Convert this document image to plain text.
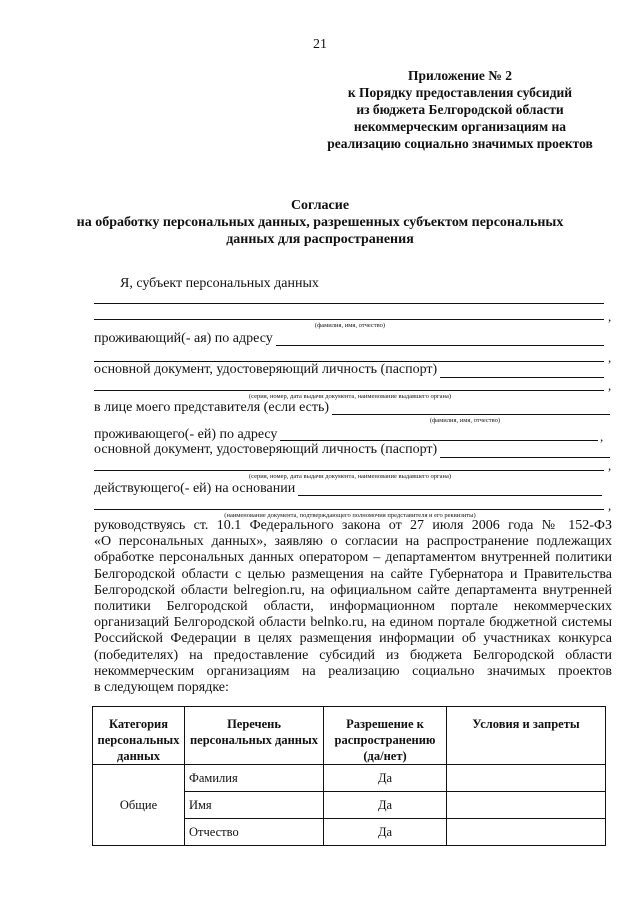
21
Приложение № 2
к Порядку предоставления субсидий
из бюджета Белгородской области
некоммерческим организациям на
реализацию социально значимых проектов
Согласие
на обработку персональных данных, разрешенных субъектом персональных
данных для распространения
Я, субъект персональных данных
,
(фамилия, имя, отчество)
проживающий(- ая) по адресу
,
основной документ, удостоверяющий личность (паспорт)
,
(серия, номер, дата выдачи документа, наименование выдавшего органа)
в лице моего представителя (если есть)
(фамилия, имя, отчество)
проживающего(- ей) по адресу	,
основной документ, удостоверяющий личность (паспорт)
,
(серия, номер, дата выдачи документа, наименование выдавшего органа)
действующего(- ей) на основании
,
(наименование документа, подтверждающего полномочия представителя и его реквизиты)
руководствуясь ст. 10.1 Федерального закона от 27 июля 2006 года № 152-ФЗ
«О персональных данных», заявляю о согласии на распространение подлежащих
обработке персональных данных оператором – департаментом внутренней политики
Белгородской области с целью размещения на сайте Губернатора и Правительства
Белгородской области belregion.ru, на официальном сайте департамента внутренней
политики Белгородской области, информационном портале некоммерческих
организаций Белгородской области belnko.ru, на едином портале бюджетной системы
Российской Федерации в целях размещения информации об участниках конкурса
(победителях) на предоставление субсидий из бюджета Белгородской области
некоммерческим организациям на реализацию социально значимых проектов
в следующем порядке:
Категория персональных данных	Перечень персональных данных	Разрешение к распространению (да/нет)	Условия и запреты
Общие	Фамилия	Да	
	Имя	Да	
	Отчество	Да	
